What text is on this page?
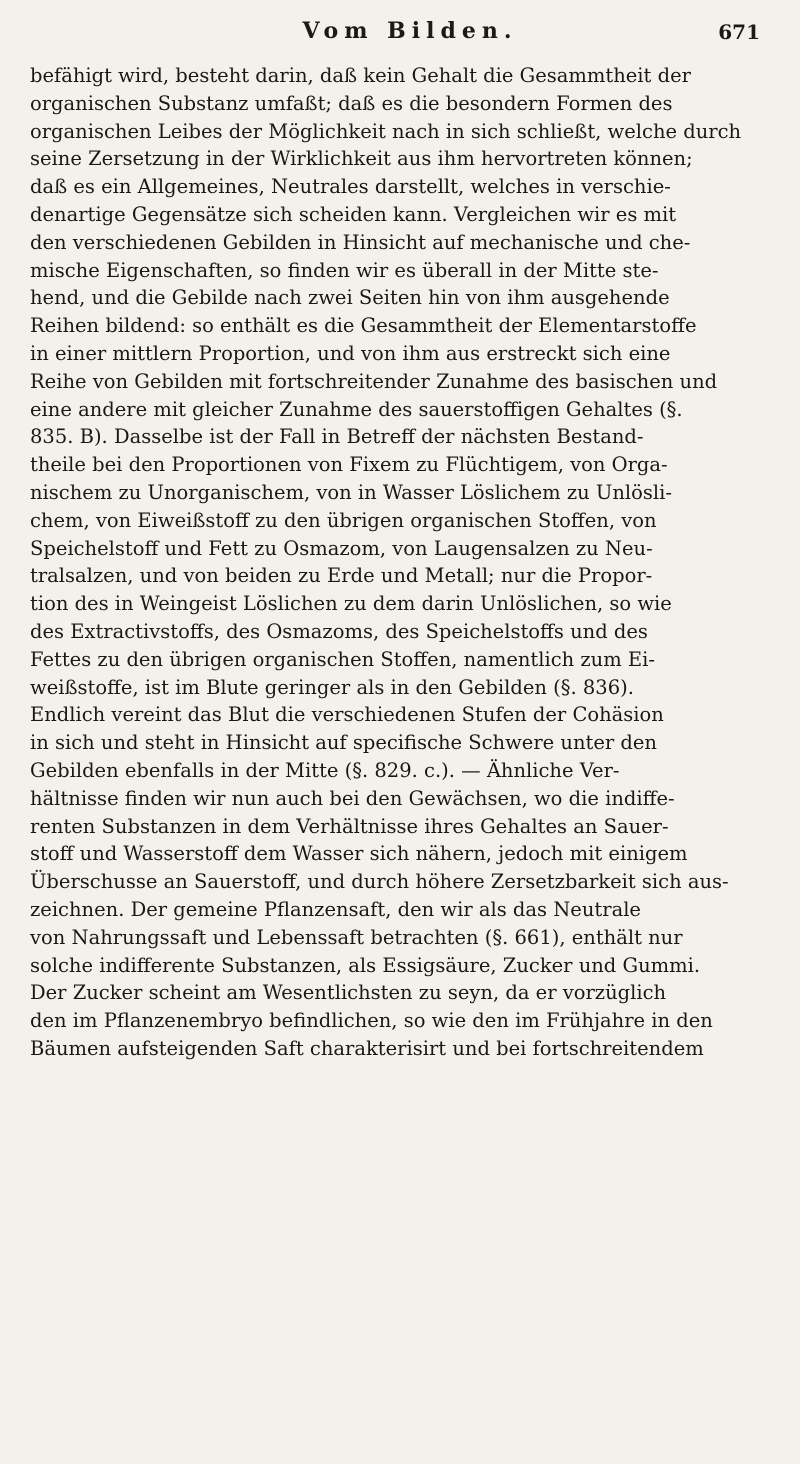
Vom Bilden.	671

befähigt wird, besteht darin, daß kein Gehalt die Gesammtheit der

organischen Substanz umfaßt; daß es die besondern Formen des

organischen Leibes der Möglichkeit nach in sich schließt, welche durch

seine Zersetzung in der Wirklichkeit aus ihm hervortreten können;

daß es ein Allgemeines, Neutrales darstellt, welches in verschie-

denartige Gegensätze sich scheiden kann. Vergleichen wir es mit

den verschiedenen Gebilden in Hinsicht auf mechanische und che-

mische Eigenschaften, so finden wir es überall in der Mitte ste-

hend, und die Gebilde nach zwei Seiten hin von ihm ausgehende

Reihen bildend: so enthält es die Gesammtheit der Elementarstoffe

in einer mittlern Proportion, und von ihm aus erstreckt sich eine

Reihe von Gebilden mit fortschreitender Zunahme des basischen und

eine andere mit gleicher Zunahme des sauerstoffigen Gehaltes (§.

835. B). Dasselbe ist der Fall in Betreff der nächsten Bestand-

theile bei den Proportionen von Fixem zu Flüchtigem, von Orga-

nischem zu Unorganischem, von in Wasser Löslichem zu Unlösli-

chem, von Eiweißstoff zu den übrigen organischen Stoffen, von

Speichelstoff und Fett zu Osmazom, von Laugensalzen zu Neu-

tralsalzen, und von beiden zu Erde und Metall; nur die Propor-

tion des in Weingeist Löslichen zu dem darin Unlöslichen, so wie

des Extractivstoffs, des Osmazoms, des Speichelstoffs und des

Fettes zu den übrigen organischen Stoffen, namentlich zum Ei-

weißstoffe, ist im Blute geringer als in den Gebilden (§. 836).

Endlich vereint das Blut die verschiedenen Stufen der Cohäsion

in sich und steht in Hinsicht auf specifische Schwere unter den

Gebilden ebenfalls in der Mitte (§. 829. c.). — Ähnliche Ver-

hältnisse finden wir nun auch bei den Gewächsen, wo die indiffe-

renten Substanzen in dem Verhältnisse ihres Gehaltes an Sauer-

stoff und Wasserstoff dem Wasser sich nähern, jedoch mit einigem

Überschusse an Sauerstoff, und durch höhere Zersetzbarkeit sich aus-

zeichnen. Der gemeine Pflanzensaft, den wir als das Neutrale

von Nahrungssaft und Lebenssaft betrachten (§. 661), enthält nur

solche indifferente Substanzen, als Essigsäure, Zucker und Gummi.

Der Zucker scheint am Wesentlichsten zu seyn, da er vorzüglich

den im Pflanzenembryo befindlichen, so wie den im Frühjahre in den

Bäumen aufsteigenden Saft charakterisirt und bei fortschreitendem
